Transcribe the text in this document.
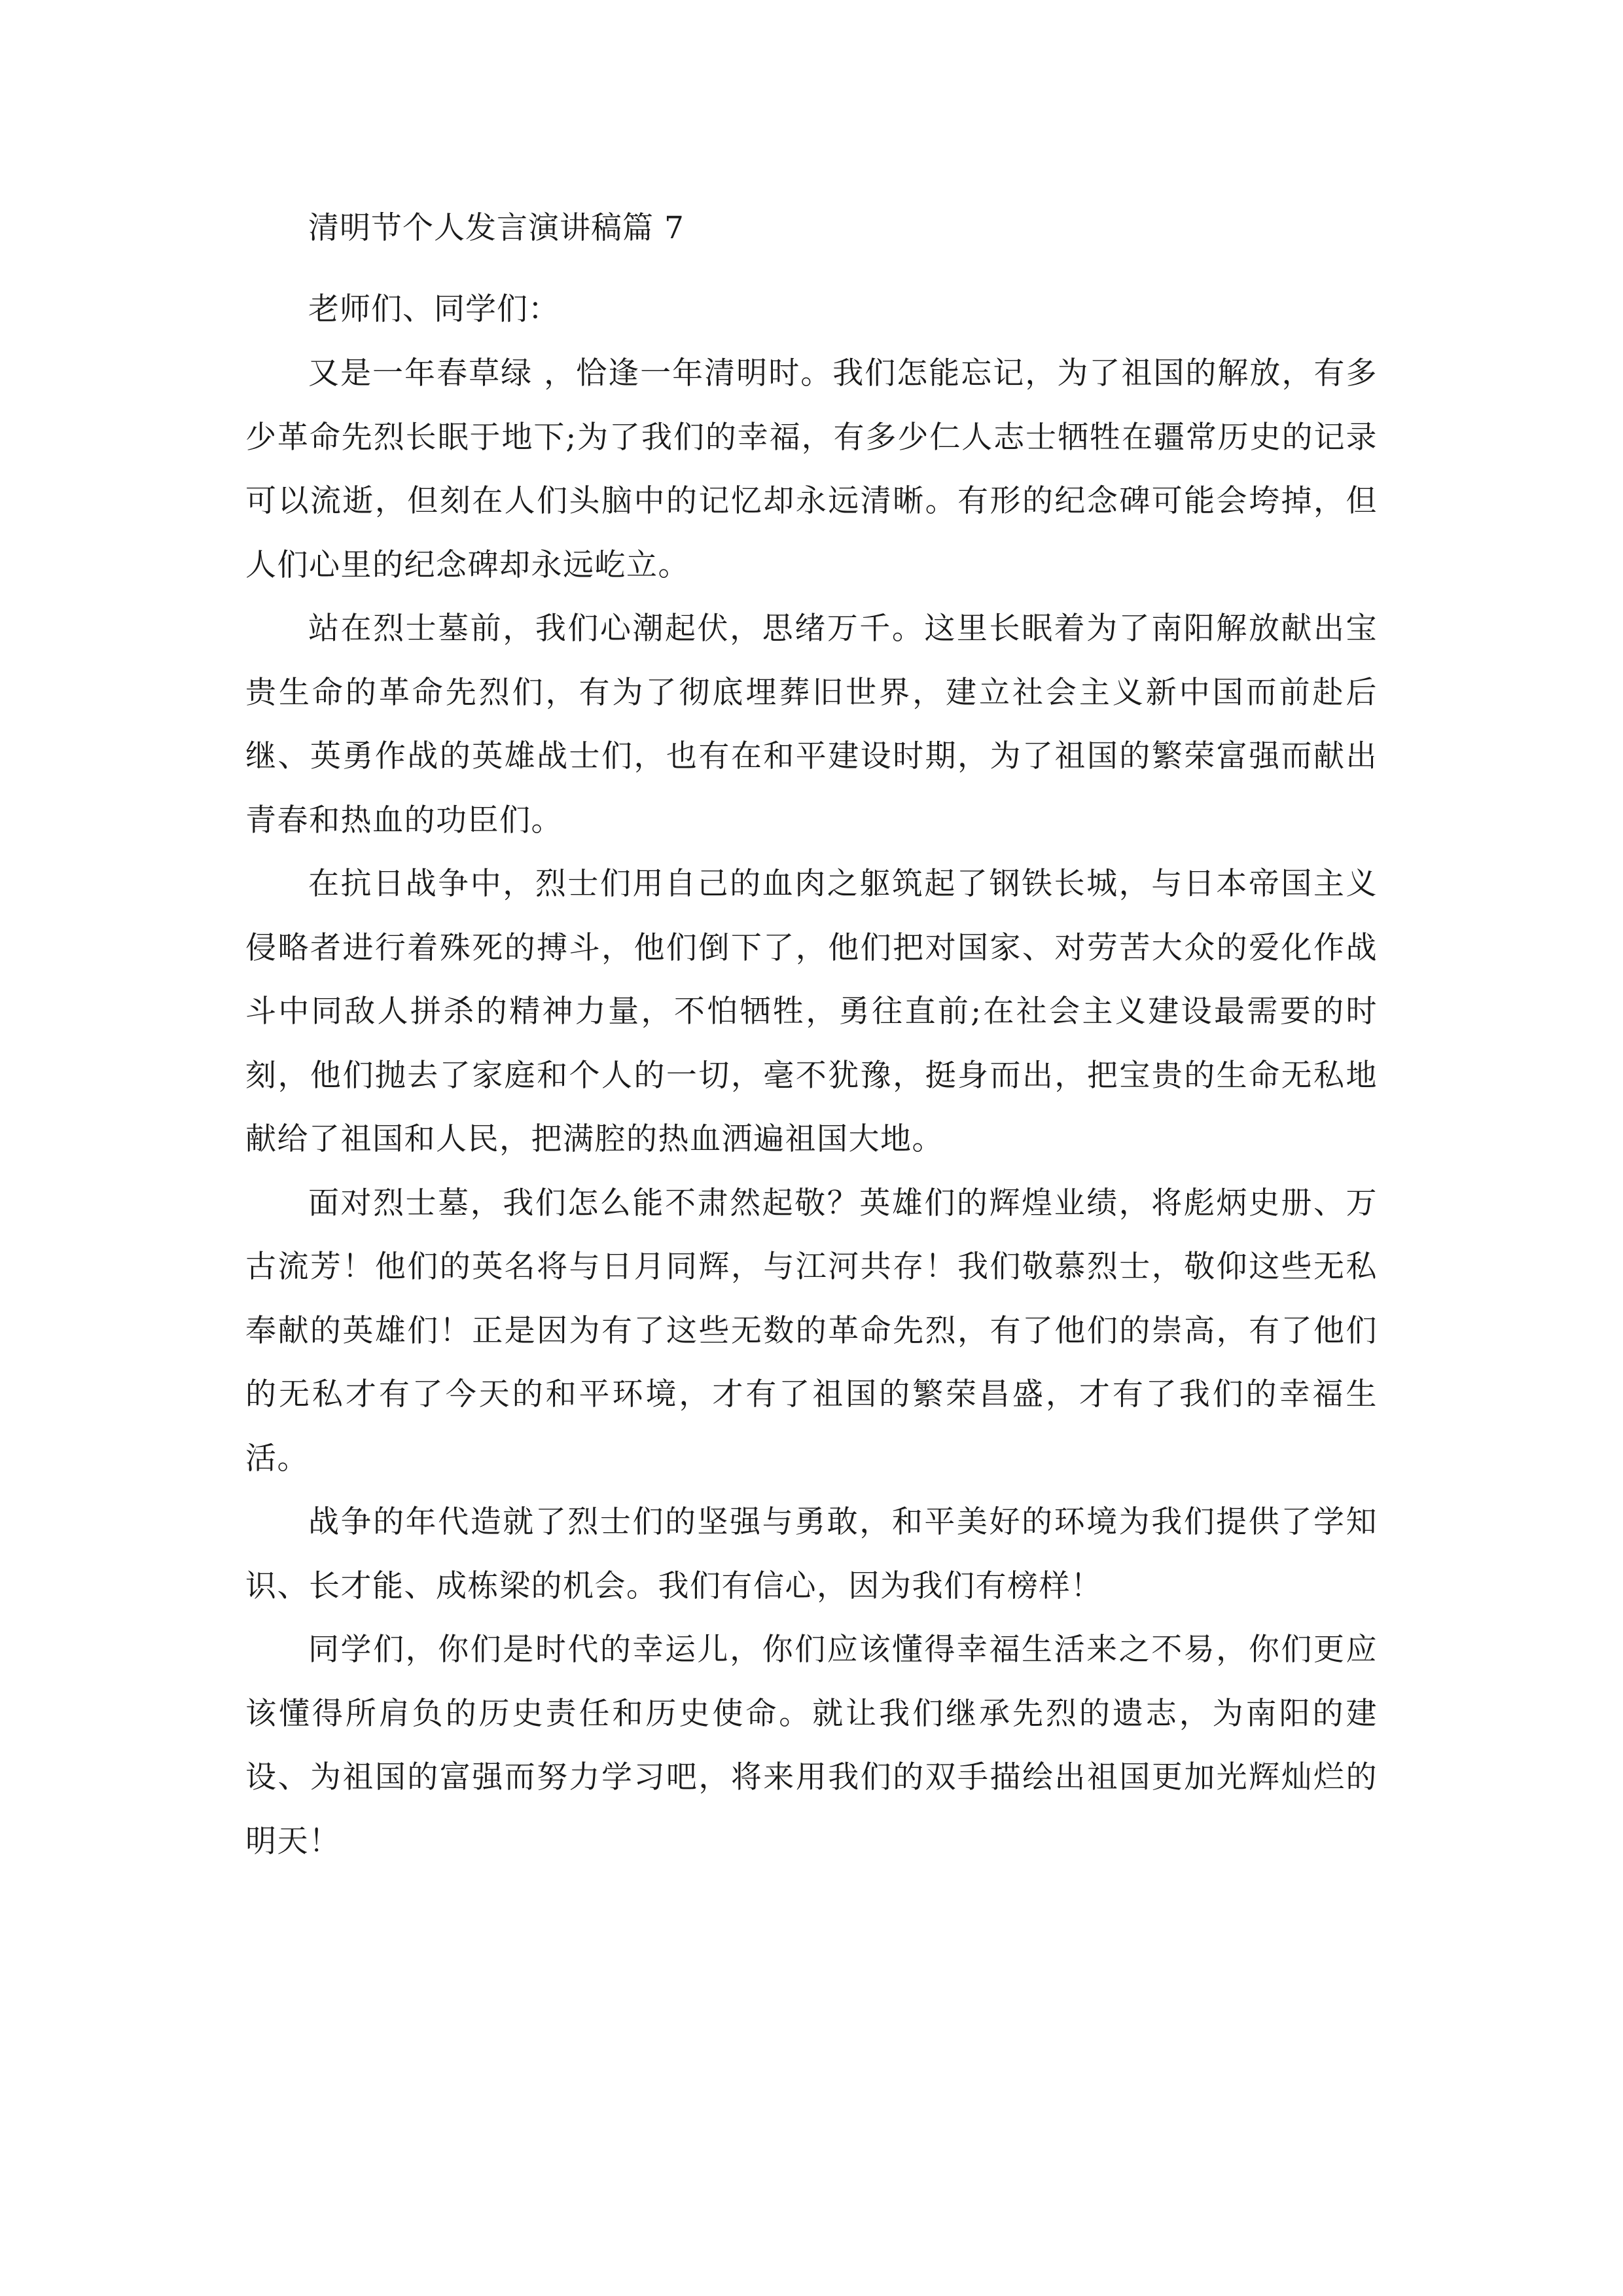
清明节个人发言演讲稿篇 7

老师们、同学们：

又是一年春草绿 ，恰逢一年清明时。我们怎能忘记，为了祖国的解放，有多少革命先烈长眠于地下;为了我们的幸福，有多少仁人志士牺牲在疆常历史的记录可以流逝，但刻在人们头脑中的记忆却永远清晰。有形的纪念碑可能会垮掉，但人们心里的纪念碑却永远屹立。

站在烈士墓前，我们心潮起伏，思绪万千。这里长眠着为了南阳解放献出宝贵生命的革命先烈们，有为了彻底埋葬旧世界，建立社会主义新中国而前赴后继、英勇作战的英雄战士们，也有在和平建设时期，为了祖国的繁荣富强而献出青春和热血的功臣们。

在抗日战争中，烈士们用自己的血肉之躯筑起了钢铁长城，与日本帝国主义侵略者进行着殊死的搏斗，他们倒下了，他们把对国家、对劳苦大众的爱化作战斗中同敌人拼杀的精神力量，不怕牺牲，勇往直前;在社会主义建设最需要的时刻，他们抛去了家庭和个人的一切，毫不犹豫，挺身而出，把宝贵的生命无私地献给了祖国和人民，把满腔的热血洒遍祖国大地。

面对烈士墓，我们怎么能不肃然起敬？英雄们的辉煌业绩，将彪炳史册、万古流芳！他们的英名将与日月同辉，与江河共存！我们敬慕烈士，敬仰这些无私奉献的英雄们！正是因为有了这些无数的革命先烈，有了他们的崇高，有了他们的无私才有了今天的和平环境，才有了祖国的繁荣昌盛，才有了我们的幸福生活。

战争的年代造就了烈士们的坚强与勇敢，和平美好的环境为我们提供了学知识、长才能、成栋梁的机会。我们有信心，因为我们有榜样！

同学们，你们是时代的幸运儿，你们应该懂得幸福生活来之不易，你们更应该懂得所肩负的历史责任和历史使命。就让我们继承先烈的遗志，为南阳的建设、为祖国的富强而努力学习吧，将来用我们的双手描绘出祖国更加光辉灿烂的明天！
